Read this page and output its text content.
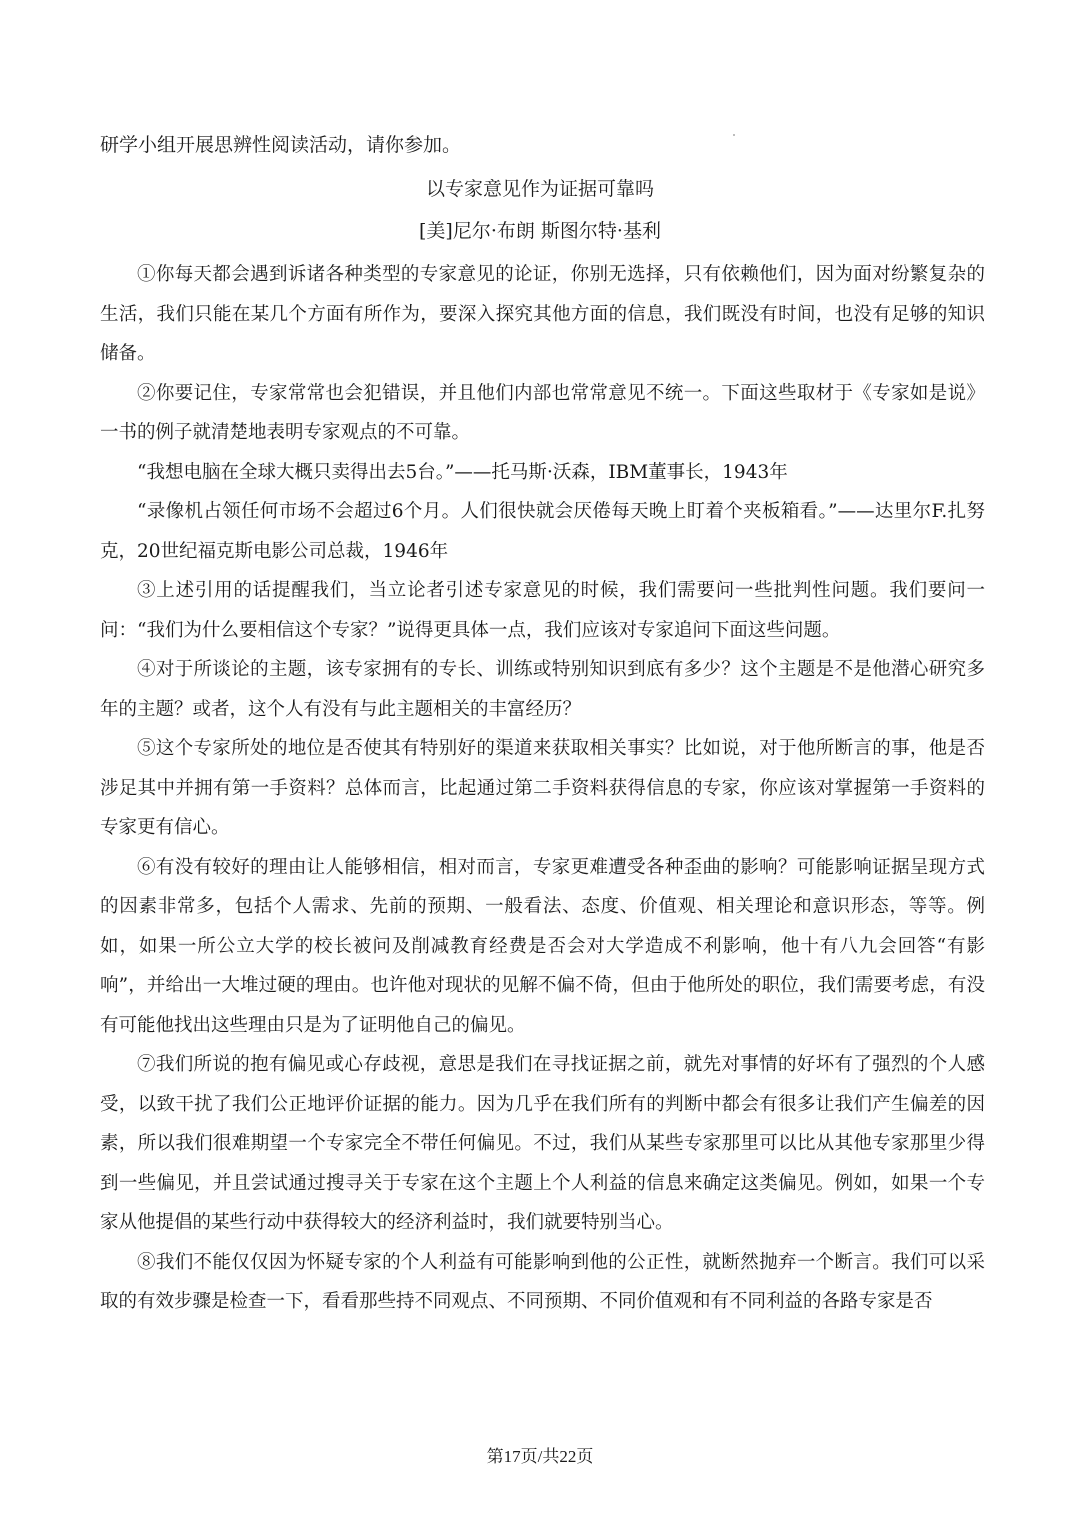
研学小组开展思辨性阅读活动，请你参加。
以专家意见作为证据可靠吗
[美]尼尔·布朗 斯图尔特·基利

①你每天都会遇到诉诸各种类型的专家意见的论证，你别无选择，只有依赖他们，因为面对纷繁复杂的生活，我们只能在某几个方面有所作为，要深入探究其他方面的信息，我们既没有时间，也没有足够的知识储备。

②你要记住，专家常常也会犯错误，并且他们内部也常常意见不统一。下面这些取材于《专家如是说》一书的例子就清楚地表明专家观点的不可靠。

“我想电脑在全球大概只卖得出去5台。”——托马斯·沃森，IBM董事长，1943年

“录像机占领任何市场不会超过6个月。人们很快就会厌倦每天晚上盯着个夹板箱看。”——达里尔F.扎努克，20世纪福克斯电影公司总裁，1946年

③上述引用的话提醒我们，当立论者引述专家意见的时候，我们需要问一些批判性问题。我们要问一问：“我们为什么要相信这个专家？”说得更具体一点，我们应该对专家追问下面这些问题。

④对于所谈论的主题，该专家拥有的专长、训练或特别知识到底有多少？这个主题是不是他潜心研究多年的主题？或者，这个人有没有与此主题相关的丰富经历？

⑤这个专家所处的地位是否使其有特别好的渠道来获取相关事实？比如说，对于他所断言的事，他是否涉足其中并拥有第一手资料？总体而言，比起通过第二手资料获得信息的专家，你应该对掌握第一手资料的专家更有信心。

⑥有没有较好的理由让人能够相信，相对而言，专家更难遭受各种歪曲的影响？可能影响证据呈现方式的因素非常多，包括个人需求、先前的预期、一般看法、态度、价值观、相关理论和意识形态，等等。例如，如果一所公立大学的校长被问及削减教育经费是否会对大学造成不利影响，他十有八九会回答“有影响”，并给出一大堆过硬的理由。也许他对现状的见解不偏不倚，但由于他所处的职位，我们需要考虑，有没有可能他找出这些理由只是为了证明他自己的偏见。

⑦我们所说的抱有偏见或心存歧视，意思是我们在寻找证据之前，就先对事情的好坏有了强烈的个人感受，以致干扰了我们公正地评价证据的能力。因为几乎在我们所有的判断中都会有很多让我们产生偏差的因素，所以我们很难期望一个专家完全不带任何偏见。不过，我们从某些专家那里可以比从其他专家那里少得到一些偏见，并且尝试通过搜寻关于专家在这个主题上个人利益的信息来确定这类偏见。例如，如果一个专家从他提倡的某些行动中获得较大的经济利益时，我们就要特别当心。

⑧我们不能仅仅因为怀疑专家的个人利益有可能影响到他的公正性，就断然抛弃一个断言。我们可以采取的有效步骤是检查一下，看看那些持不同观点、不同预期、不同价值观和有不同利益的各路专家是否

第17页/共22页
